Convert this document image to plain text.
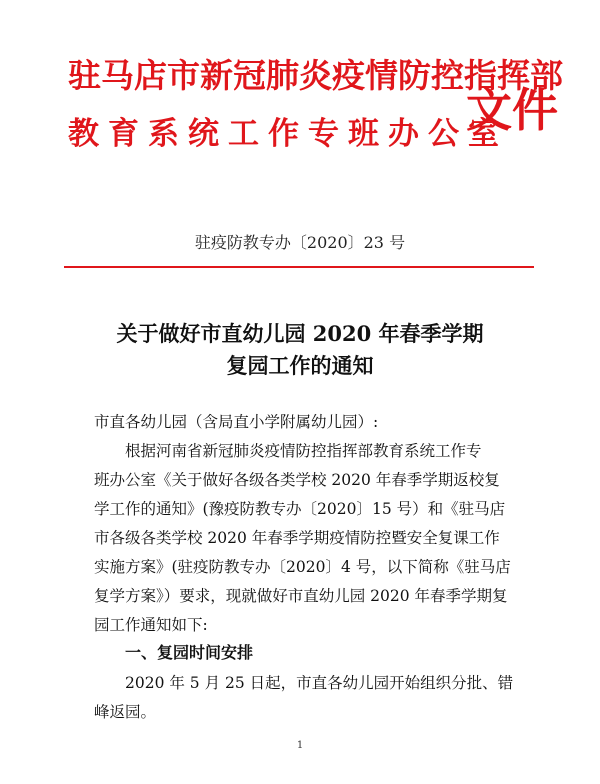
驻马店市新冠肺炎疫情防控指挥部
教育系统工作专班办公室
文件
驻疫防教专办〔2020〕23 号
关于做好市直幼儿园 2020 年春季学期
复园工作的通知
市直各幼儿园（含局直小学附属幼儿园）:
根据河南省新冠肺炎疫情防控指挥部教育系统工作专
班办公室《关于做好各级各类学校 2020 年春季学期返校复
学工作的通知》(豫疫防教专办〔2020〕15 号）和《驻马店
市各级各类学校 2020 年春季学期疫情防控暨安全复课工作
实施方案》(驻疫防教专办〔2020〕4 号，以下简称《驻马店
复学方案》）要求，现就做好市直幼儿园 2020 年春季学期复
园工作通知如下:
一、复园时间安排
2020 年 5 月 25 日起，市直各幼儿园开始组织分批、错
峰返园。
1
